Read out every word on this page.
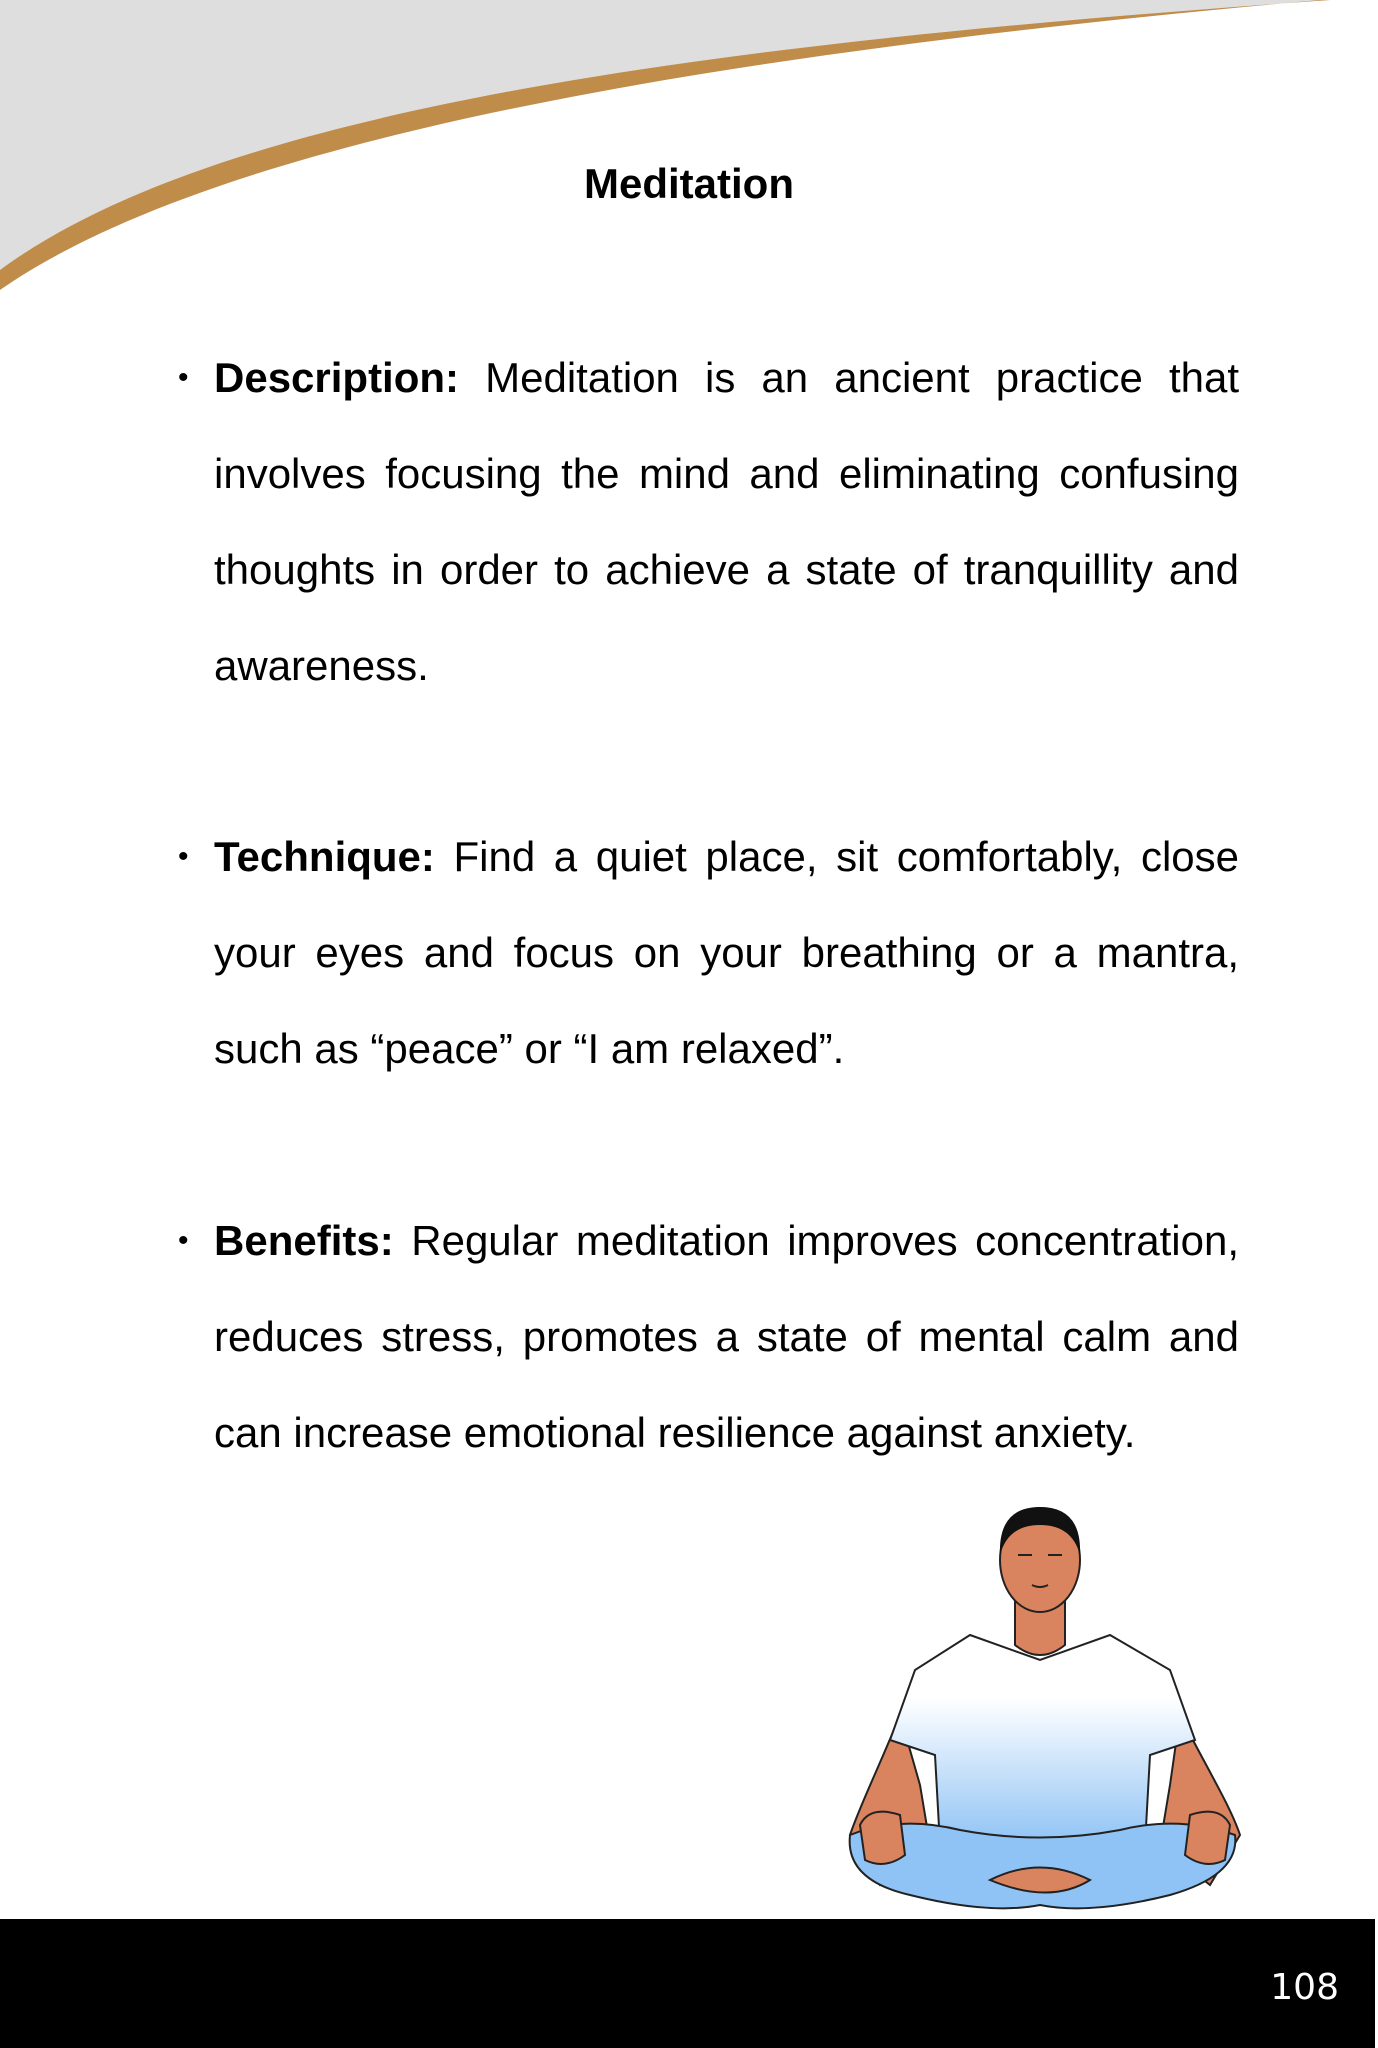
Meditation
• Description: Meditation is an ancient practice that involves focusing the mind and eliminating confusing thoughts in order to achieve a state of tranquillity and awareness.
• Technique: Find a quiet place, sit comfortably, close your eyes and focus on your breathing or a mantra, such as “peace” or “I am relaxed”.
• Benefits: Regular meditation improves concentration, reduces stress, promotes a state of mental calm and can increase emotional resilience against anxiety.
108
